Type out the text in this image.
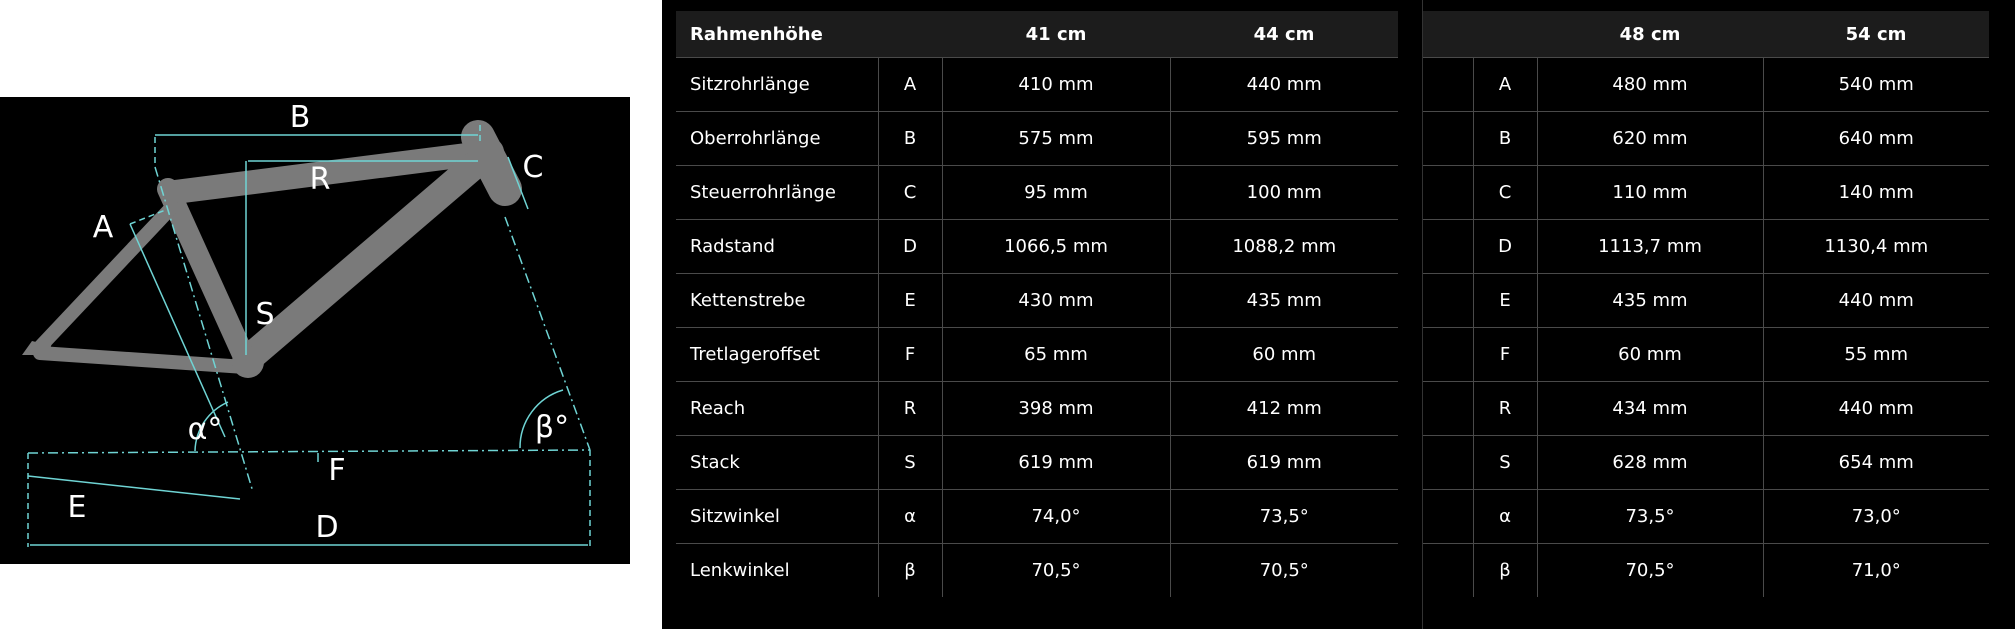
B
R
S
C
A
α°	β°
F
E
D
Rahmenhöhe		41 cm	44 cm
Sitzrohrlänge	A	410 mm	440 mm
Oberrohrlänge	B	575 mm	595 mm
Steuerrohrlänge	C	95 mm	100 mm
Radstand	D	1066,5 mm	1088,2 mm
Kettenstrebe	E	430 mm	435 mm
Tretlageroffset	F	65 mm	60 mm
Reach	R	398 mm	412 mm
Stack	S	619 mm	619 mm
Sitzwinkel	α	74,0°	73,5°
Lenkwinkel	β	70,5°	70,5°
		48 cm	54 cm
	A	480 mm	540 mm
	B	620 mm	640 mm
	C	110 mm	140 mm
	D	1113,7 mm	1130,4 mm
	E	435 mm	440 mm
	F	60 mm	55 mm
	R	434 mm	440 mm
	S	628 mm	654 mm
	α	73,5°	73,0°
	β	70,5°	71,0°
